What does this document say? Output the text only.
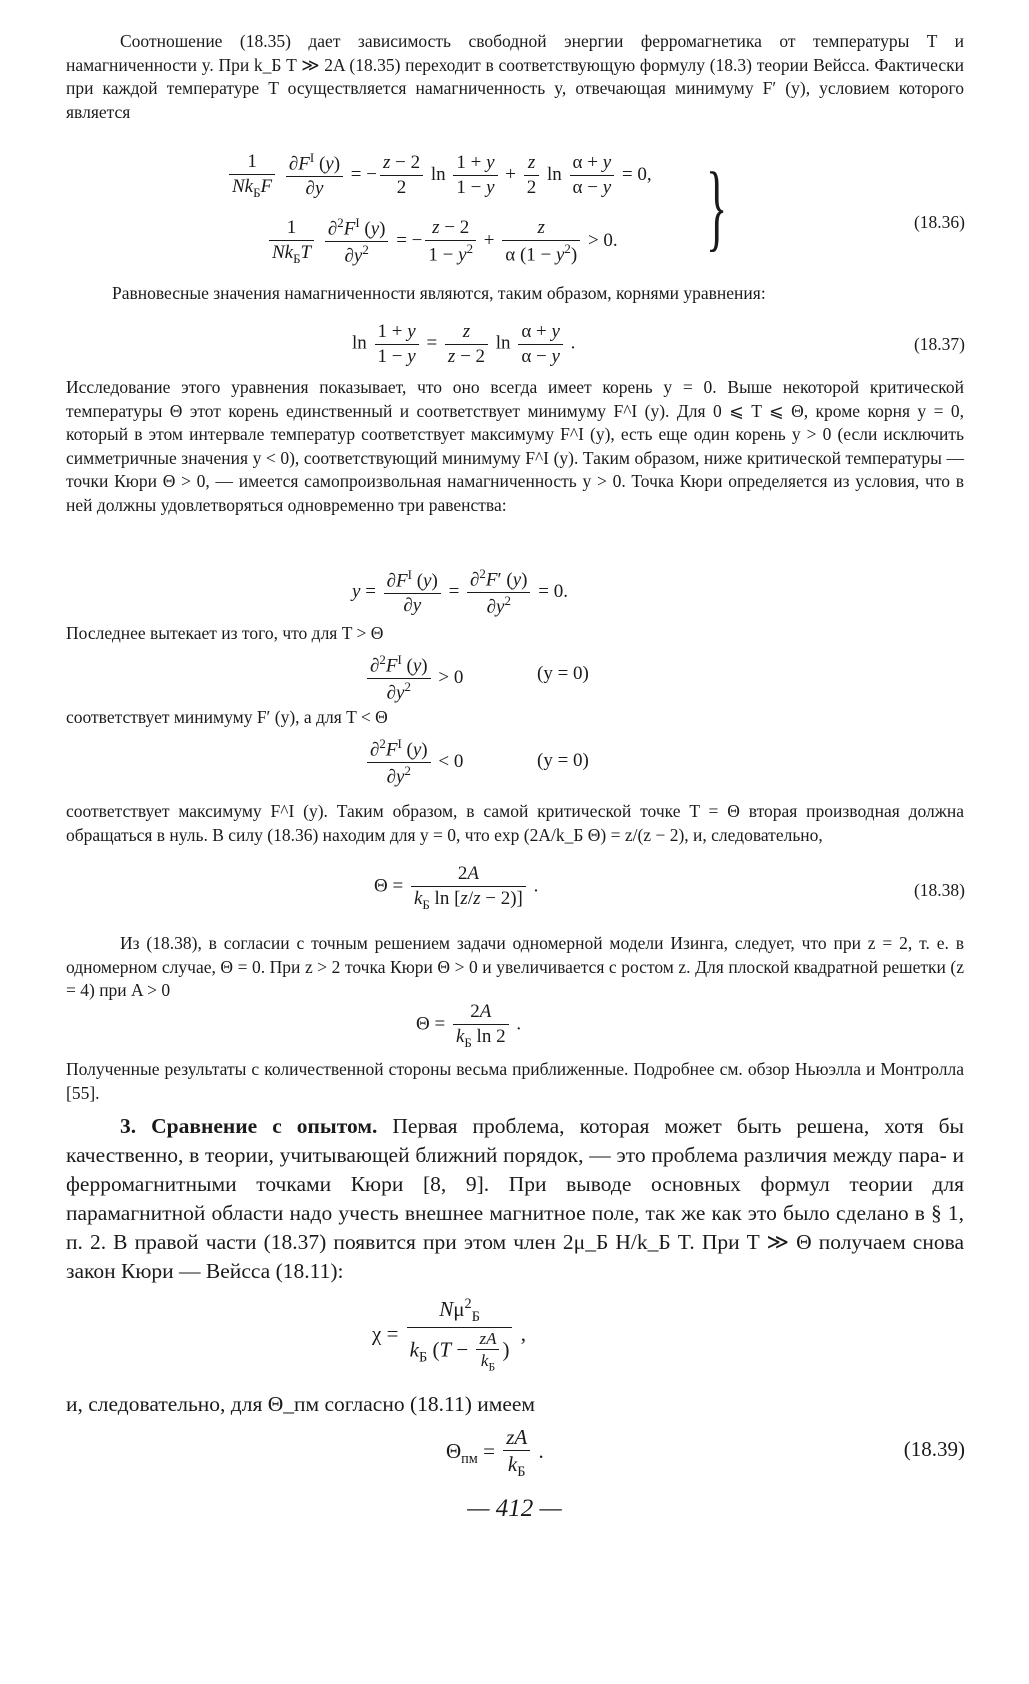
Соотношение (18.35) дает зависимость свободной энергии ферромагнетика от температуры T и намагниченности y. При k_Б T ≫ 2A (18.35) переходит в соответствующую формулу (18.3) теории Вейсса. Фактически при каждой температуре T осуществляется намагниченность y, отвечающая минимуму F′ (y), условием которого является
$\frac{1}{Nk_БF}$
$\frac{\partial F^I (y)}{\partial y}$ = − $\frac{z - 2}{2}$ $\ln \frac{1 + y}{1 - y} + \frac{z}{2}$ $\ln \frac{\alpha + y}{\alpha - y} = 0$,
$\frac{1}{Nk_БT}$
$\frac{\partial^2F^I (y)}{\partial y^2}$ = − $\frac{z - 2}{1 - y^2} + \frac{z}{\alpha (1 - y^2)} > 0$. }	(18.36)
Равновесные значения намагниченности являются, таким образом, корнями уравнения:
$\ln \frac{1 + y}{1 - y} = \frac{z}{z - 2}$ $\ln \frac{\alpha + y}{\alpha - y}$ .	(18.37)
Исследование этого уравнения показывает, что оно всегда имеет корень y = 0. Выше некоторой критической температуры Θ этот корень единственный и соответствует минимуму F^I (y). Для 0 ⩽ T ⩽ Θ, кроме корня y = 0, который в этом интервале температур соответствует максимуму F^I (y), есть еще один корень y > 0 (если исключить симметричные значения y < 0), соответствующий минимуму F^I (y). Таким образом, ниже критической температуры — точки Кюри Θ > 0, — имеется самопроизвольная намагниченность y > 0. Точка Кюри определяется из условия, что в ней должны удовлетворяться одновременно три равенства:
$y = \frac{\partial F^I (y)}{\partial y} = \frac{\partial^2F' (y)}{\partial y^2} = 0$.
Последнее вытекает из того, что для T > Θ
$\frac{\partial^2F^I (y)}{\partial y^2} > 0$	(y = 0)
соответствует минимуму F′ (y), а для T < Θ
$\frac{\partial^2F^I (y)}{\partial y^2} < 0$	(y = 0)
соответствует максимуму F^I (y). Таким образом, в самой критической точке T = Θ вторая производная должна обращаться в нуль. В силу (18.36) находим для y = 0, что exp (2A/k_Б Θ) = z/(z − 2), и, следовательно,
$\Theta = \frac{2A}{k_Б \ln [z/z - 2)]}$ .	(18.38)
Из (18.38), в согласии с точным решением задачи одномерной модели Изинга, следует, что при z = 2, т. е. в одномерном случае, Θ = 0. При z > 2 точка Кюри Θ > 0 и увеличивается с ростом z. Для плоской квадратной решетки (z = 4) при A > 0
$\Theta = \frac{2A}{k_Б \ln 2}$ .
Полученные результаты с количественной стороны весьма приближенные. Подробнее см. обзор Ньюэлла и Монтролла [55].
3. Сравнение с опытом. Первая проблема, которая может быть решена, хотя бы качественно, в теории, учитывающей ближний порядок, — это проблема различия между пара- и ферромагнитными точками Кюри [8, 9]. При выводе основных формул теории для парамагнитной области надо учесть внешнее магнитное поле, так же как это было сделано в § 1, п. 2. В правой части (18.37) появится при этом член 2μ_Б H/k_Б T. При T ≫ Θ получаем снова закон Кюри — Вейсса (18.11):
$\chi = \frac{N\mu^2_Б}{k_Б (T - \frac{zA}{k_Б} )}$ ,
и, следовательно, для Θ_пм согласно (18.11) имеем
$\Theta_{пм} = \frac{zA}{k_Б}$ .	(18.39)
— 412 —
